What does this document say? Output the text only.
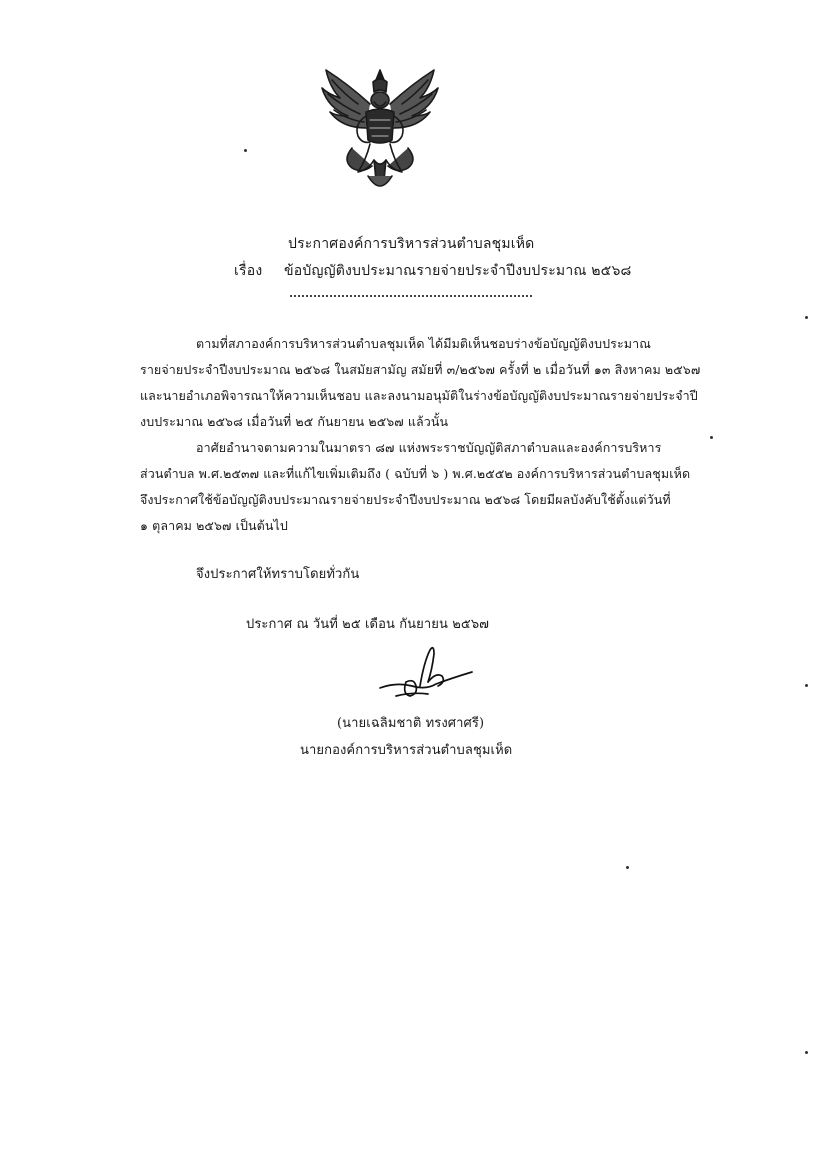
ประกาศองค์การบริหารส่วนตำบลชุมเห็ด
เรื่อง ข้อบัญญัติงบประมาณรายจ่ายประจำปีงบประมาณ ๒๕๖๘
ตามที่สภาองค์การบริหารส่วนตำบลชุมเห็ด ได้มีมติเห็นชอบร่างข้อบัญญัติงบประมาณ
รายจ่ายประจำปีงบประมาณ ๒๕๖๘ ในสมัยสามัญ สมัยที่ ๓/๒๕๖๗ ครั้งที่ ๒ เมื่อวันที่ ๑๓ สิงหาคม ๒๕๖๗
และนายอำเภอพิจารณาให้ความเห็นชอบ และลงนามอนุมัติในร่างข้อบัญญัติงบประมาณรายจ่ายประจำปี
งบประมาณ ๒๕๖๘ เมื่อวันที่ ๒๕ กันยายน ๒๕๖๗ แล้วนั้น
อาศัยอำนาจตามความในมาตรา ๘๗ แห่งพระราชบัญญัติสภาตำบลและองค์การบริหาร
ส่วนตำบล พ.ศ.๒๕๓๗ และที่แก้ไขเพิ่มเติมถึง ( ฉบับที่ ๖ ) พ.ศ.๒๕๕๒ องค์การบริหารส่วนตำบลชุมเห็ด
จึงประกาศใช้ข้อบัญญัติงบประมาณรายจ่ายประจำปีงบประมาณ ๒๕๖๘ โดยมีผลบังคับใช้ตั้งแต่วันที่
๑ ตุลาคม ๒๕๖๗ เป็นต้นไป
จึงประกาศให้ทราบโดยทั่วกัน
ประกาศ ณ วันที่ ๒๕ เดือน กันยายน ๒๕๖๗
(นายเฉลิมชาติ ทรงศาศรี)
นายกองค์การบริหารส่วนตำบลชุมเห็ด
